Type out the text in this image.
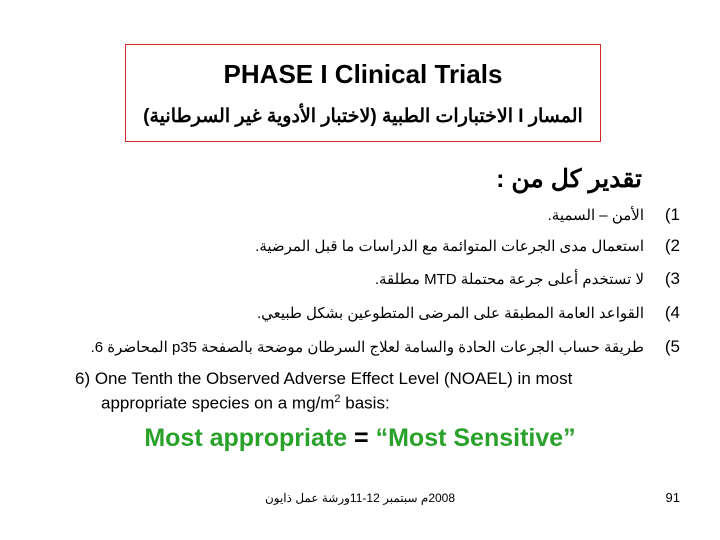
PHASE I Clinical Trials
المسار I الاختبارات الطبية (لاختبار الأدوية غير السرطانية)
تقدير كل من :
1)
الأمن – السمية.
2)
استعمال مدى الجرعات المتوائمة مع الدراسات ما قبل المرضية.
3)
لا تستخدم أعلى جرعة محتملة MTD مطلقة.
4)
القواعد العامة المطبقة على المرضى المتطوعين بشكل طبيعي.
5)
طريقة حساب الجرعات الحادة والسامة لعلاج السرطان موضحة بالصفحة p35 المحاضرة 6.
6) One Tenth the Observed Adverse Effect Level (NOAEL) in most
appropriate species on a $mg/m^2$ basis:
Most appropriate = “Most Sensitive”
2008م سبتمبر 12-11ورشة عمل ذايون	91
